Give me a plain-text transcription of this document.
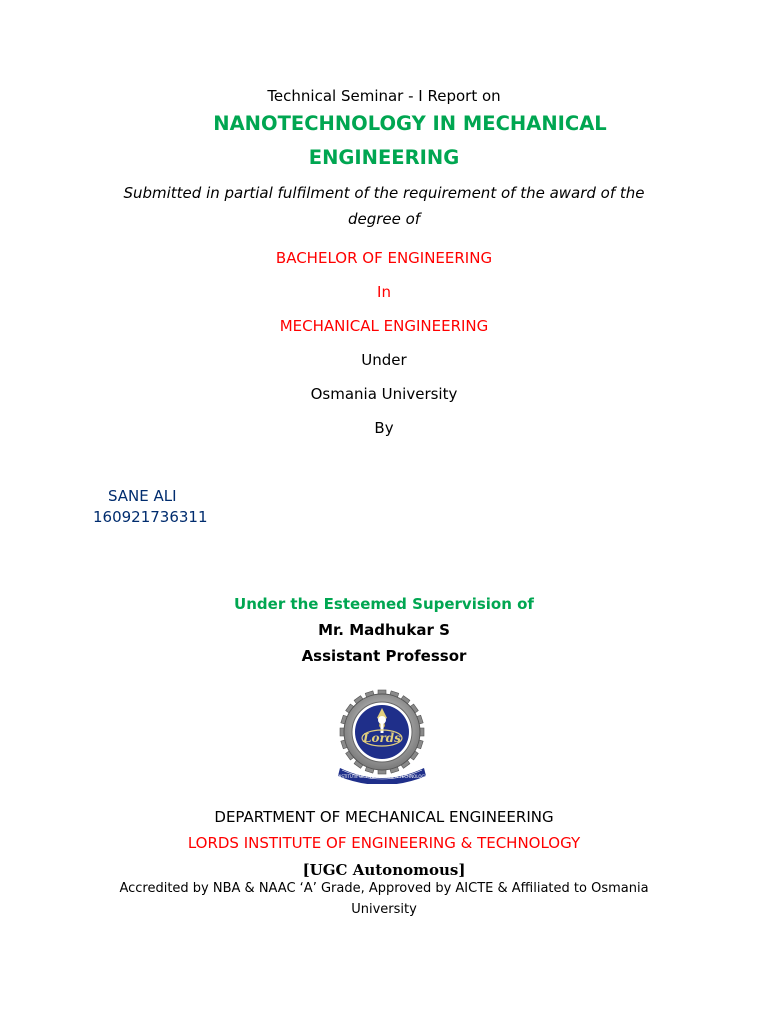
Technical Seminar - I Report on
NANOTECHNOLOGY IN MECHANICAL
ENGINEERING
Submitted in partial fulfilment of the requirement of the award of the degree of
BACHELOR OF ENGINEERING
In
MECHANICAL ENGINEERING
Under
Osmania University
By
SANE ALI
160921736311
Under the Esteemed Supervision of
Mr. Madhukar S
Assistant Professor
Lords
INSTITUTE OF ENGINEERING & TECHNOLOGY
DEPARTMENT OF MECHANICAL ENGINEERING
LORDS INSTITUTE OF ENGINEERING & TECHNOLOGY
[UGC Autonomous]
Accredited by NBA & NAAC ‘A’ Grade, Approved by AICTE & Affiliated to Osmania University
